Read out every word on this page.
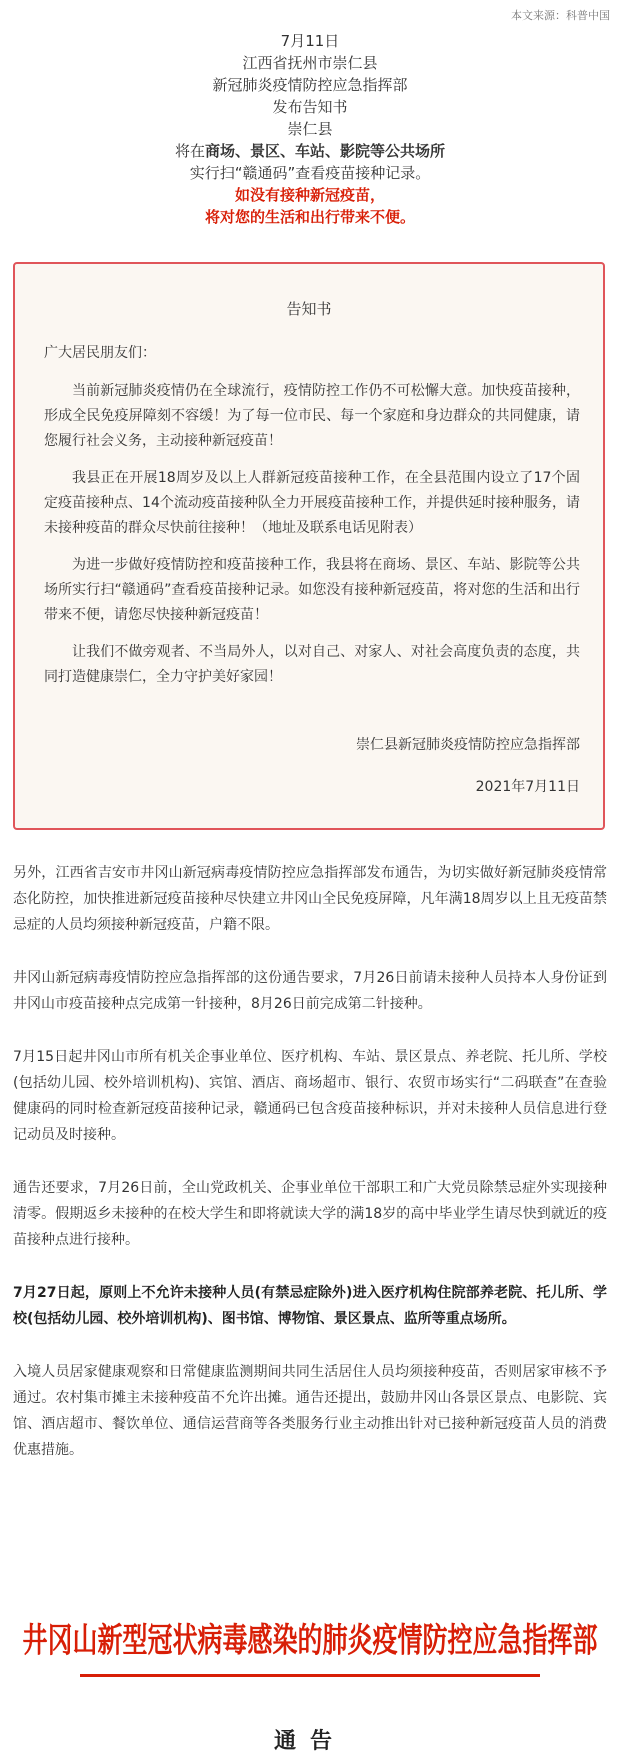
本文来源：科普中国
7月11日
江西省抚州市崇仁县
新冠肺炎疫情防控应急指挥部
发布告知书
崇仁县
将在商场、景区、车站、影院等公共场所
实行扫“赣通码”查看疫苗接种记录。
如没有接种新冠疫苗，
将对您的生活和出行带来不便。
告知书
广大居民朋友们：

当前新冠肺炎疫情仍在全球流行，疫情防控工作仍不可松懈大意。加快疫苗接种，形成全民免疫屏障刻不容缓！为了每一位市民、每一个家庭和身边群众的共同健康，请您履行社会义务，主动接种新冠疫苗！

我县正在开展18周岁及以上人群新冠疫苗接种工作，在全县范围内设立了17个固定疫苗接种点、14个流动疫苗接种队全力开展疫苗接种工作，并提供延时接种服务，请未接种疫苗的群众尽快前往接种！（地址及联系电话见附表）

为进一步做好疫情防控和疫苗接种工作，我县将在商场、景区、车站、影院等公共场所实行扫“赣通码”查看疫苗接种记录。如您没有接种新冠疫苗，将对您的生活和出行带来不便，请您尽快接种新冠疫苗！

让我们不做旁观者、不当局外人，以对自己、对家人、对社会高度负责的态度，共同打造健康崇仁，全力守护美好家园！

崇仁县新冠肺炎疫情防控应急指挥部
2021年7月11日

另外，江西省吉安市井冈山新冠病毒疫情防控应急指挥部发布通告，为切实做好新冠肺炎疫情常态化防控，加快推进新冠疫苗接种尽快建立井冈山全民免疫屏障，凡年满18周岁以上且无疫苗禁忌症的人员均须接种新冠疫苗，户籍不限。

井冈山新冠病毒疫情防控应急指挥部的这份通告要求，7月26日前请未接种人员持本人身份证到井冈山市疫苗接种点完成第一针接种，8月26日前完成第二针接种。

7月15日起井冈山市所有机关企事业单位、医疗机构、车站、景区景点、养老院、托儿所、学校(包括幼儿园、校外培训机构)、宾馆、酒店、商场超市、银行、农贸市场实行“二码联查”在查验健康码的同时检查新冠疫苗接种记录，赣通码已包含疫苗接种标识，并对未接种人员信息进行登记动员及时接种。

通告还要求，7月26日前，全山党政机关、企事业单位干部职工和广大党员除禁忌症外实现接种清零。假期返乡未接种的在校大学生和即将就读大学的满18岁的高中毕业学生请尽快到就近的疫苗接种点进行接种。

7月27日起，原则上不允许未接种人员(有禁忌症除外)进入医疗机构住院部养老院、托儿所、学校(包括幼儿园、校外培训机构)、图书馆、博物馆、景区景点、监所等重点场所。

入境人员居家健康观察和日常健康监测期间共同生活居住人员均须接种疫苗，否则居家审核不予通过。农村集市摊主未接种疫苗不允许出摊。通告还提出，鼓励井冈山各景区景点、电影院、宾馆、酒店超市、餐饮单位、通信运营商等各类服务行业主动推出针对已接种新冠疫苗人员的消费优惠措施。

井冈山新型冠状病毒感染的肺炎疫情防控应急指挥部
通告
